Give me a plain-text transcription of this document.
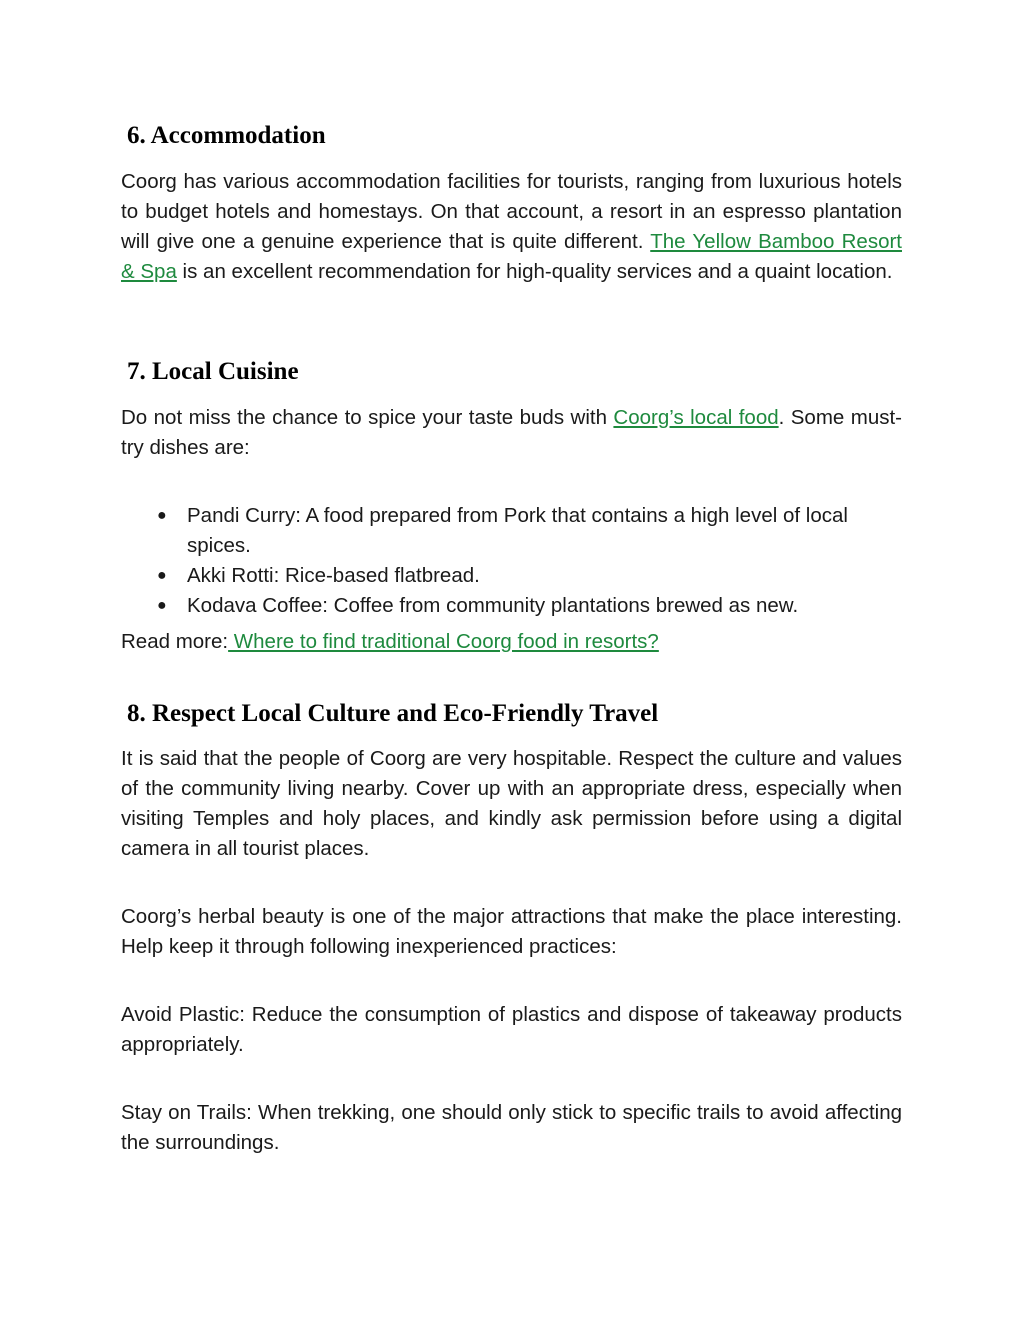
6. Accommodation

Coorg has various accommodation facilities for tourists, ranging from luxurious hotels to budget hotels and homestays. On that account, a resort in an espresso plantation will give one a genuine experience that is quite different. The Yellow Bamboo Resort & Spa is an excellent recommendation for high-quality services and a quaint location.

7. Local Cuisine

Do not miss the chance to spice your taste buds with Coorg’s local food. Some must-try dishes are:

● Pandi Curry: A food prepared from Pork that contains a high level of local spices.
● Akki Rotti: Rice-based flatbread.
● Kodava Coffee: Coffee from community plantations brewed as new.

Read more: Where to find traditional Coorg food in resorts?

8. Respect Local Culture and Eco-Friendly Travel

It is said that the people of Coorg are very hospitable. Respect the culture and values of the community living nearby. Cover up with an appropriate dress, especially when visiting Temples and holy places, and kindly ask permission before using a digital camera in all tourist places.

Coorg’s herbal beauty is one of the major attractions that make the place interesting. Help keep it through following inexperienced practices:

Avoid Plastic: Reduce the consumption of plastics and dispose of takeaway products appropriately.

Stay on Trails: When trekking, one should only stick to specific trails to avoid affecting the surroundings.
